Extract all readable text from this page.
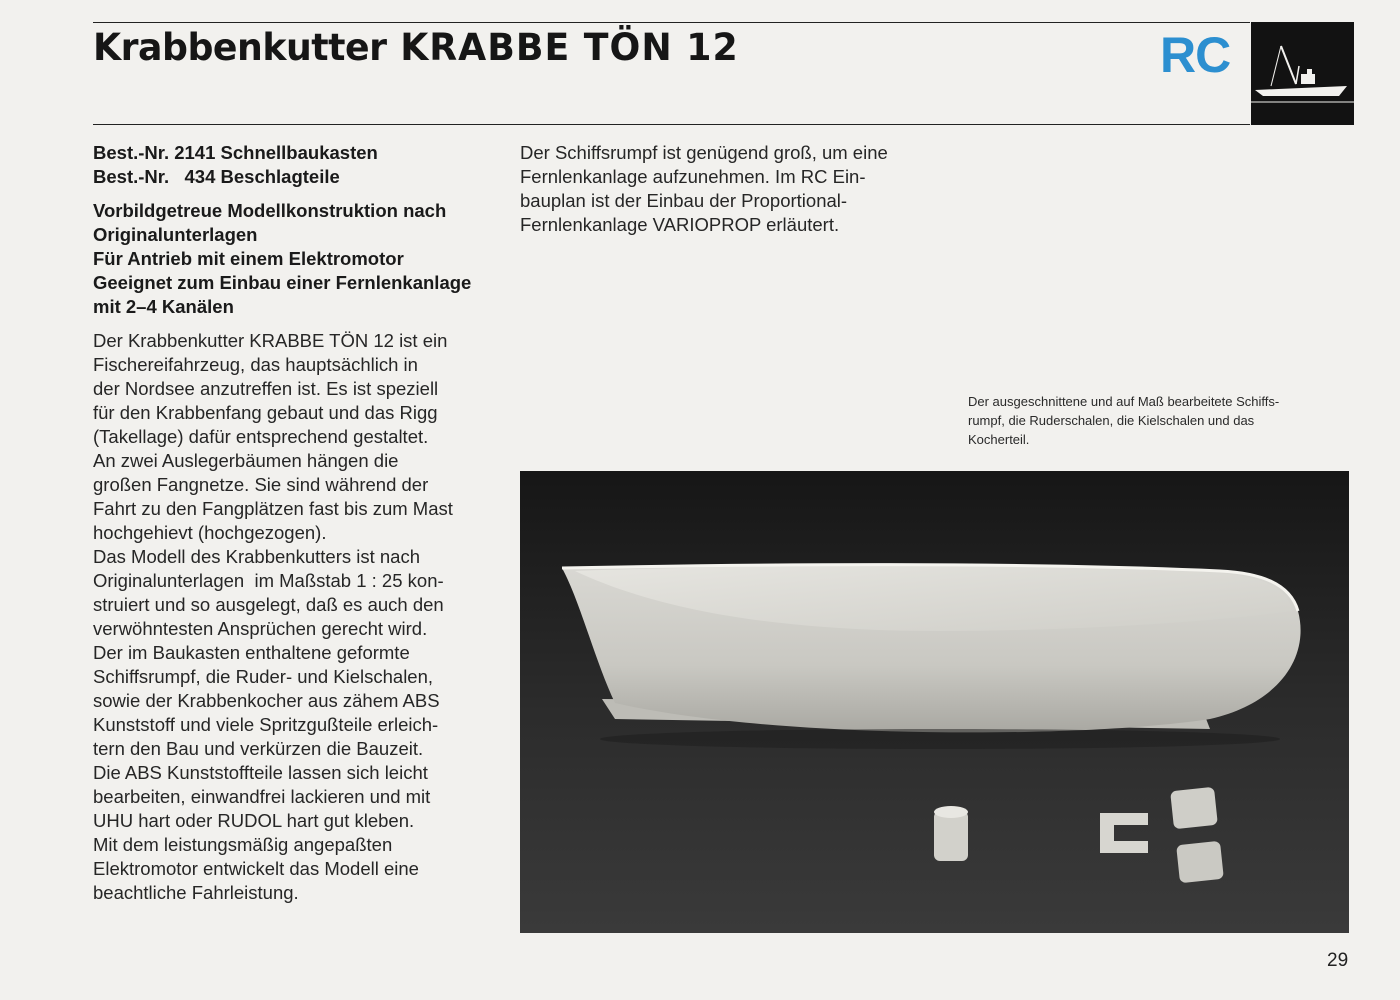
Krabbenkutter KRABBE TÖN 12	RC
Best.-Nr. 2141 Schnellbaukasten
Best.-Nr.   434 Beschlagteile
Vorbildgetreue Modellkonstruktion nach
Originalunterlagen
Für Antrieb mit einem Elektromotor
Geeignet zum Einbau einer Fernlenkanlage
mit 2–4 Kanälen
Der Krabbenkutter KRABBE TÖN 12 ist ein
Fischereifahrzeug, das hauptsächlich in
der Nordsee anzutreffen ist. Es ist speziell
für den Krabbenfang gebaut und das Rigg
(Takellage) dafür entsprechend gestaltet.
An zwei Auslegerbäumen hängen die
großen Fangnetze. Sie sind während der
Fahrt zu den Fangplätzen fast bis zum Mast
hochgehievt (hochgezogen).
Das Modell des Krabbenkutters ist nach
Originalunterlagen  im Maßstab 1 : 25 kon-
struiert und so ausgelegt, daß es auch den
verwöhntesten Ansprüchen gerecht wird.
Der im Baukasten enthaltene geformte
Schiffsrumpf, die Ruder- und Kielschalen,
sowie der Krabbenkocher aus zähem ABS
Kunststoff und viele Spritzgußteile erleich-
tern den Bau und verkürzen die Bauzeit.
Die ABS Kunststoffteile lassen sich leicht
bearbeiten, einwandfrei lackieren und mit
UHU hart oder RUDOL hart gut kleben.
Mit dem leistungsmäßig angepaßten
Elektromotor entwickelt das Modell eine
beachtliche Fahrleistung.
Der Schiffsrumpf ist genügend groß, um eine
Fernlenkanlage aufzunehmen. Im RC Ein-
bauplan ist der Einbau der Proportional-
Fernlenkanlage VARIOPROP erläutert.
Der ausgeschnittene und auf Maß bearbeitete Schiffs-
rumpf, die Ruderschalen, die Kielschalen und das
Kocherteil.
29
